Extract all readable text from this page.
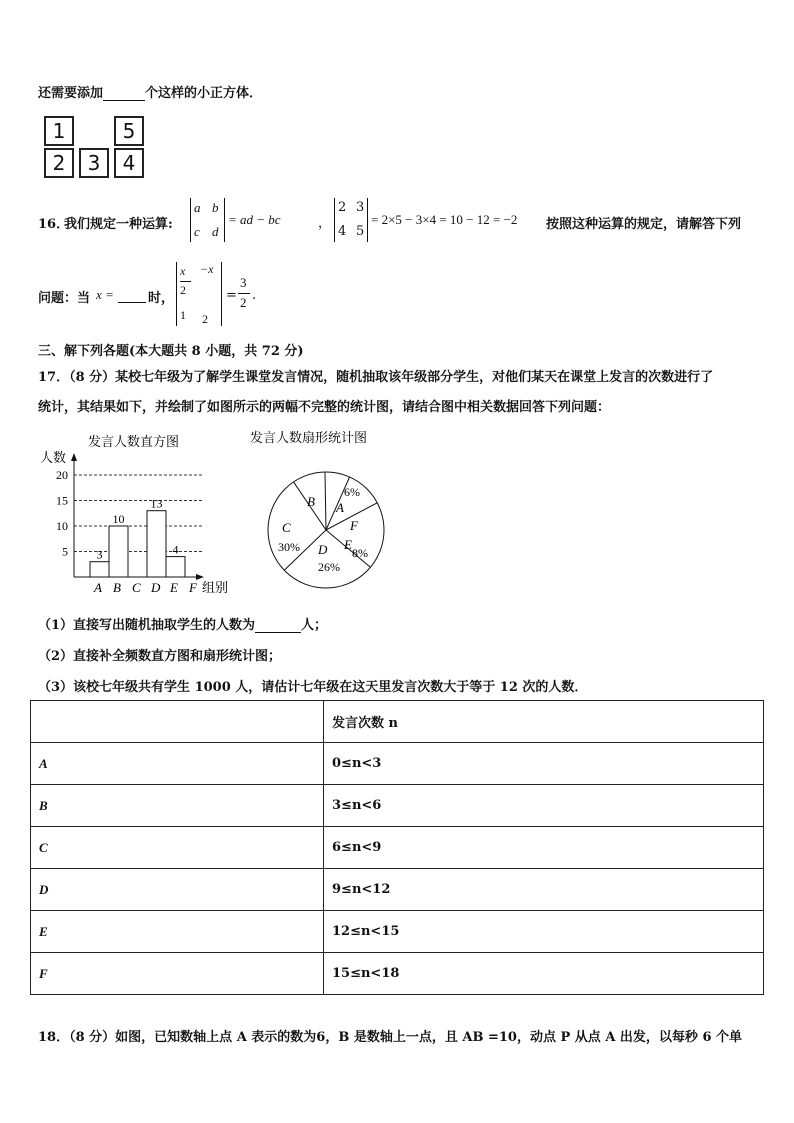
还需要添加	个这样的小正方体．
1	5
2	3	4
16．
我们规定一种运算:
a b
c d
= ad − bc	，
2 3
4 5
= 2×5 − 3×4 = 10 − 12 = −2 按照这种运算的规定，请解答下列
问题：当 x =	时，
x −x
2
1 2
=
3
2 .
三、解下列各题(本大题共 8 小题，共 72 分)
17．（8 分）某校七年级为了解学生课堂发言情况，随机抽取该年级部分学生，对他们某天在课堂上发言的次数进行了
统计，其结果如下，并绘制了如图所示的两幅不完整的统计图，请结合图中相关数据回答下列问题：
发言人数直方图
人数
组别
3
10
13
4
5
10
15
20
A B C D E F
发言人数扇形统计图
A
6%
F
E
8%
D
26%
C
30%
B
（1）直接写出随机抽取学生的人数为	人；
（2）直接补全频数直方图和扇形统计图；
（3）该校七年级共有学生 1000 人，请估计七年级在这天里发言次数大于等于 12 次的人数．
	发言次数 n
A	0≤n<3
B	3≤n<6
C	6≤n<9
D	9≤n<12
E	12≤n<15
F	15≤n<18
18．（8 分）如图，已知数轴上点 A 表示的数为6，B 是数轴上一点，且 AB =10，动点 P 从点 A 出发，以每秒 6 个单
